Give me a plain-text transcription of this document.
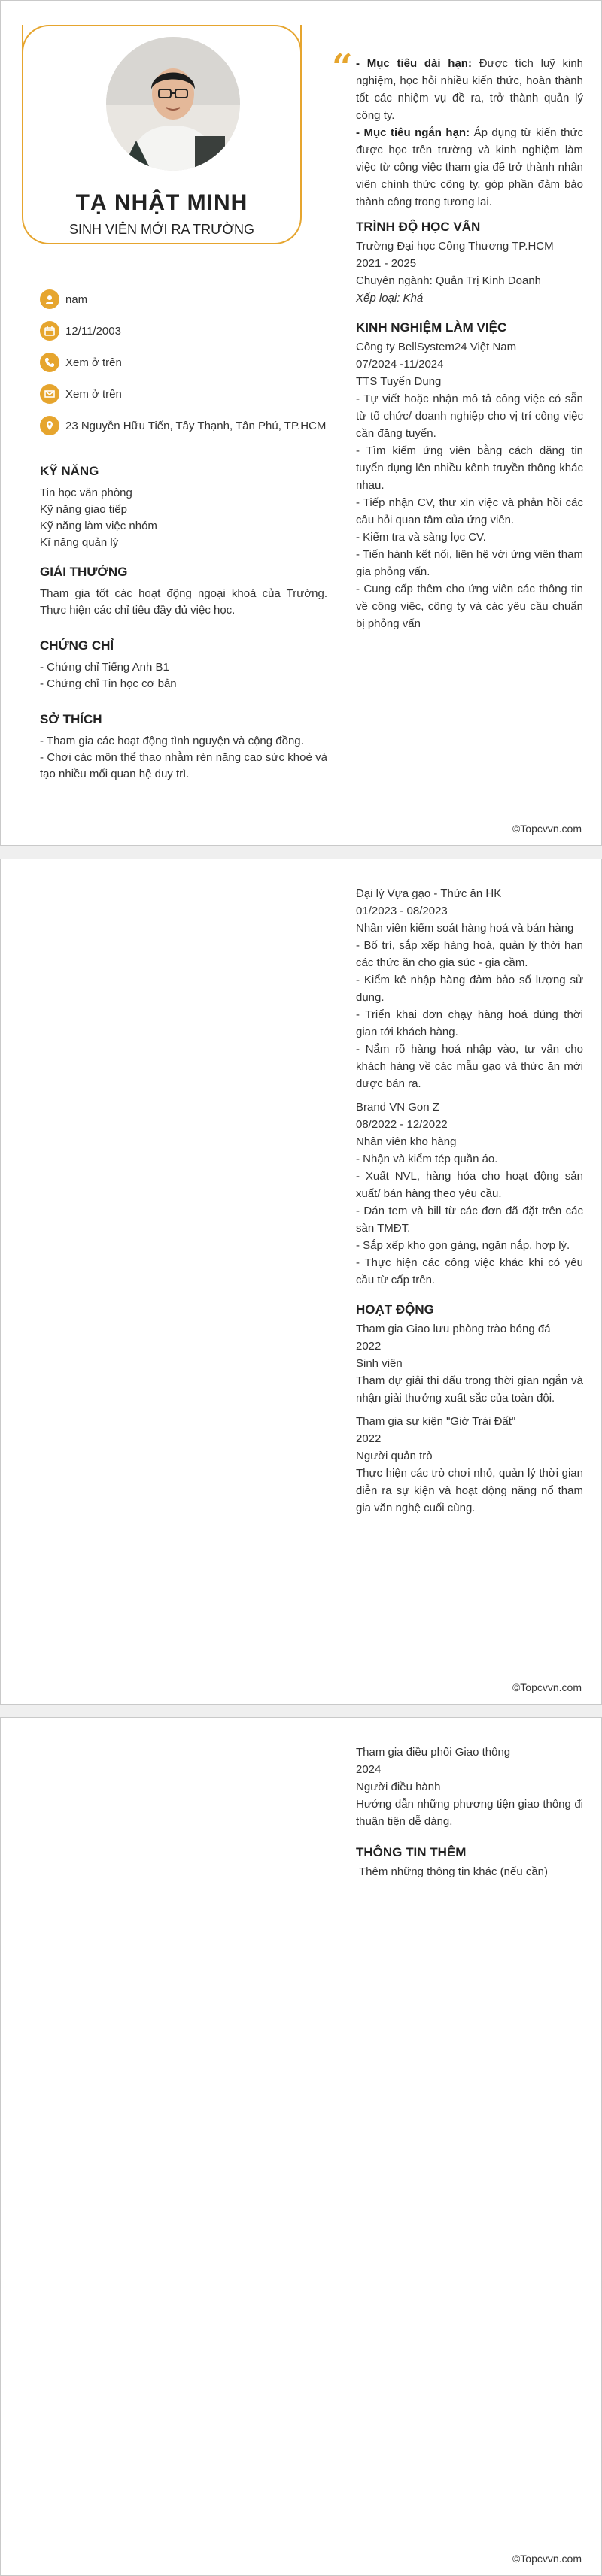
TẠ NHẬT MINH
SINH VIÊN MỚI RA TRƯỜNG
nam
12/11/2003
Xem ở trên
Xem ở trên
23 Nguyễn Hữu Tiến, Tây Thạnh, Tân Phú, TP.HCM
KỸ NĂNG
Tin học văn phòng
Kỹ năng giao tiếp
Kỹ năng làm việc nhóm
Kĩ năng quản lý
GIẢI THƯỞNG
Tham gia tốt các hoạt động ngoại khoá của Trường. Thực hiện các chỉ tiêu đầy đủ việc học.
CHỨNG CHỈ
- Chứng chỉ Tiếng Anh B1
- Chứng chỉ Tin học cơ bản
SỞ THÍCH
- Tham gia các hoạt động tình nguyện và cộng đồng.
- Chơi các môn thể thao nhằm rèn năng cao sức khoẻ và tạo nhiều mối quan hệ duy trì.
“ - Mục tiêu dài hạn: Được tích luỹ kinh nghiệm, học hỏi nhiều kiến thức, hoàn thành tốt các nhiệm vụ đề ra, trở thành quản lý công ty.
- Mục tiêu ngắn hạn: Áp dụng từ kiến thức được học trên trường và kinh nghiệm làm việc từ công việc tham gia để trở thành nhân viên chính thức công ty, góp phần đảm bảo thành công trong tương lai.
TRÌNH ĐỘ HỌC VẤN
Trường Đại học Công Thương TP.HCM
2021 - 2025
Chuyên ngành: Quản Trị Kinh Doanh
Xếp loại: Khá
KINH NGHIỆM LÀM VIỆC
Công ty BellSystem24 Việt Nam
07/2024 -11/2024
TTS Tuyển Dụng
- Tự viết hoặc nhận mô tả công việc có sẵn từ tổ chức/ doanh nghiệp cho vị trí công việc cần đăng tuyển.
- Tìm kiếm ứng viên bằng cách đăng tin tuyển dụng lên nhiều kênh truyền thông khác nhau.
- Tiếp nhận CV, thư xin việc và phản hồi các câu hỏi quan tâm của ứng viên.
- Kiểm tra và sàng lọc CV.
- Tiến hành kết nối, liên hệ với ứng viên tham gia phỏng vấn.
- Cung cấp thêm cho ứng viên các thông tin về công việc, công ty và các yêu cầu chuẩn bị phỏng vấn
©Topcvvn.com
Đại lý Vựa gạo - Thức ăn HK
01/2023 - 08/2023
Nhân viên kiểm soát hàng hoá và bán hàng
- Bố trí, sắp xếp hàng hoá, quản lý thời hạn các thức ăn cho gia súc - gia cầm.
- Kiểm kê nhập hàng đảm bảo số lượng sử dụng.
- Triển khai đơn chạy hàng hoá đúng thời gian tới khách hàng.
- Nắm rõ hàng hoá nhập vào, tư vấn cho khách hàng về các mẫu gạo và thức ăn mới được bán ra.
Brand VN Gon Z
08/2022 - 12/2022
Nhân viên kho hàng
- Nhận và kiểm tép quần áo.
- Xuất NVL, hàng hóa cho hoạt động sản xuất/ bán hàng theo yêu cầu.
- Dán tem và bill từ các đơn đã đặt trên các sàn TMĐT.
- Sắp xếp kho gọn gàng, ngăn nắp, hợp lý.
- Thực hiện các công việc khác khi có yêu cầu từ cấp trên.
HOẠT ĐỘNG
Tham gia Giao lưu phòng trào bóng đá
2022
Sinh viên
Tham dự giải thi đấu trong thời gian ngắn và nhận giải thưởng xuất sắc của toàn đội.
Tham gia sự kiện "Giờ Trái Đất"
2022
Người quản trò
Thực hiện các trò chơi nhỏ, quản lý thời gian diễn ra sự kiện và hoạt động năng nổ tham gia văn nghệ cuối cùng.
©Topcvvn.com
Tham gia điều phối Giao thông
2024
Người điều hành
Hướng dẫn những phương tiện giao thông đi thuận tiện dễ dàng.
THÔNG TIN THÊM
Thêm những thông tin khác (nếu cần)
©Topcvvn.com
